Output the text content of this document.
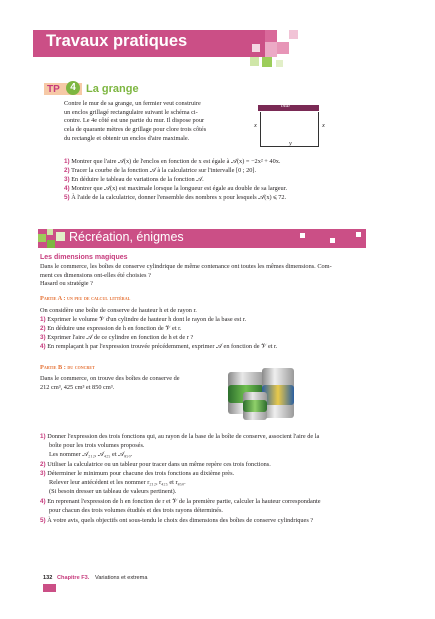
Travaux pratiques
TP	4 La grange
Contre le mur de sa grange, un fermier veut construire
un enclos grillagé rectangulaire suivant le schéma ci-
contre. Le 4e côté est une partie du mur. Il dispose pour
cela de quarante mètres de grillage pour clore trois côtés
du rectangle et obtenir un enclos d'aire maximale.
mur
x	x
y
1) Montrer que l'aire 𝒜(x) de l'enclos en fonction de x est égale à 𝒜(x) = −2x² + 40x.
2) Tracer la courbe de la fonction 𝒜 à la calculatrice sur l'intervalle [0 ; 20].
3) En déduire le tableau de variations de la fonction 𝒜.
4) Montrer que 𝒜(x) est maximale lorsque la longueur est égale au double de sa largeur.
5) À l'aide de la calculatrice, donner l'ensemble des nombres x pour lesquels 𝒜(x) ⩽ 72.
Récréation, énigmes
Les dimensions magiques
Dans le commerce, les boîtes de conserve cylindrique de même contenance ont toutes les mêmes dimensions. Com-
ment ces dimensions ont-elles été choisies ?
Hasard ou stratégie ?
Partie A : un peu de calcul littéral
On considère une boîte de conserve de hauteur h et de rayon r.
1) Exprimer le volume 𝒱 d'un cylindre de hauteur h dont le rayon de la base est r.
2) En déduire une expression de h en fonction de 𝒱 et r.
3) Exprimer l'aire 𝒜 de ce cylindre en fonction de h et de r ?
4) En remplaçant h par l'expression trouvée précédemment, exprimer 𝒜 en fonction de 𝒱 et r.
Partie B : du concret
Dans le commerce, on trouve des boîtes de conserve de
212 cm³, 425 cm³ et 850 cm³.
1) Donner l'expression des trois fonctions qui, au rayon de la base de la boîte de conserve, associent l'aire de la
boîte pour les trois volumes proposés.
Les nommer 𝒜₂₁₂, 𝒜₄₂₅ et 𝒜₈₅₀.
2) Utiliser la calculatrice ou un tableur pour tracer dans un même repère ces trois fonctions.
3) Déterminer le minimum pour chacune des trois fonctions au dixième près.
Relever leur antécédent et les nommer r₂₁₂, r₄₂₅ et r₈₅₀.
(Si besoin dresser un tableau de valeurs pertinent).
4) En reprenant l'expression de h en fonction de r et 𝒱 de la première partie, calculer la hauteur correspondante
pour chacun des trois volumes étudiés et des trois rayons déterminés.
5) À votre avis, quels objectifs ont sous-tendu le choix des dimensions des boîtes de conserve cylindriques ?
132 Chapitre F3. Variations et extrema
